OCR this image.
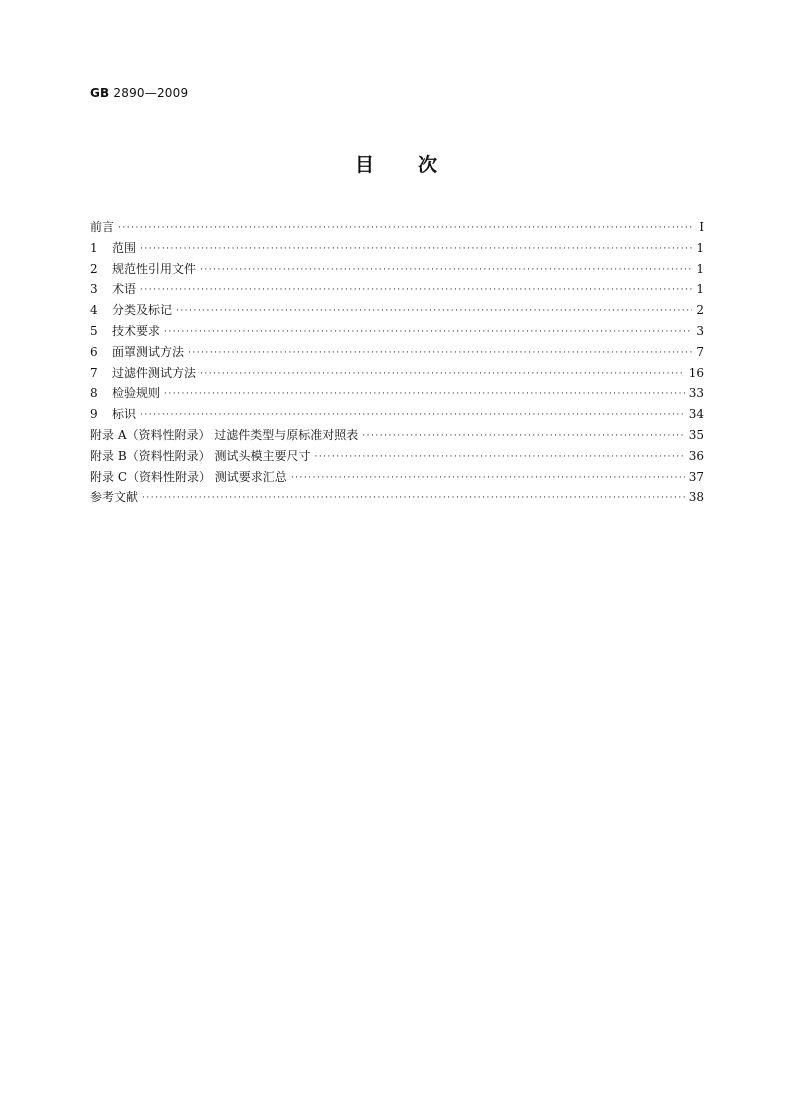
GB 2890—2009
目次
前言 ·····	Ⅰ
1 范围 ·····	1
2 规范性引用文件 ·····	1
3 术语 ·····	1
4 分类及标记 ·····	2
5 技术要求 ·····	3
6 面罩测试方法 ·····	7
7 过滤件测试方法 ·····	16
8 检验规则 ·····	33
9 标识 ·····	34
附录 A（资料性附录） 过滤件类型与原标准对照表 ·····	35
附录 B（资料性附录） 测试头模主要尺寸 ·····	36
附录 C（资料性附录） 测试要求汇总 ·····	37
参考文献 ·····	38
